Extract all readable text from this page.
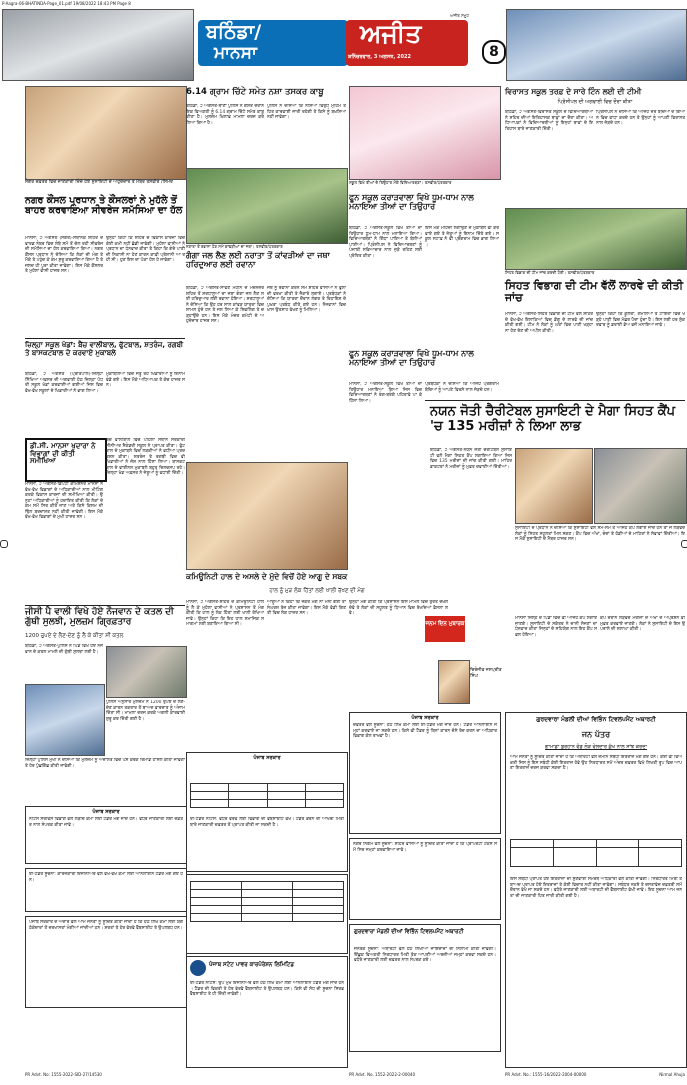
P-Aagra-06-BHATINDA-Page_01.pdf 19/08/2022 18:43 PM Page 8
ਬਠਿੰਡਾ/
ਮਾਨਸਾ
ਅਜੀਤ
ਸ਼ਨਿੱਚਰਵਾਰ, 3 ਅਗਸਤ, 2022
ਅਜੀਤ ਸਮੂਹ
8
ਸੰਗਰ ਦਫ਼ਤਰ ਵਿਚ ਜਾਣਕਾਰੀ ਦਿੰਦੇ ਹੋਏ ਸੁਸਾਇਟੀ ਦੇ ਅਹੁਦੇਦਾਰ ਤੇ ਮੈਂਬਰ ਤਸਵੀਰ /ਸਿਮਰ
ਨਗਰ ਕੌਂਸਲ ਪ੍ਰਧਾਨ ਤੇ ਕੌਂਸਲਰਾਂ ਨੇ ਮੁਹੱਲੇ ਤੋਂ ਬਾਹਰ ਕਰਵਾਇਆ ਸੀਵਰੇਜ ਸਮੱਸਿਆ ਦਾ ਹੱਲ
ਮਾਨਸਾ, ੨ ਅਗਸਤ (ਸੰਗਰ)-ਸਥਾਨਕ ਸ਼ਹਿਰ ਦੇ ਵਾਰਡ ਨੰਬਰ ਵਿਚ ਲੰਬੇ ਸਮੇਂ ਤੋਂ ਚੱਲ ਰਹੀ ਸੀਵਰੇਜ ਦੀ ਸਮੱਸਿਆ ਦਾ ਹੱਲ ਕਰਵਾਇਆ ਗਿਆ। ਨਗਰ ਕੌਂਸਲ ਪ੍ਰਧਾਨ ਨੇ ਦੱਸਿਆ ਕਿ ਲੋਕਾਂ ਦੀ ਮੰਗ ਤੇ ਮੌਕੇ ਤੇ ਪਹੁੰਚ ਕੇ ਕੰਮ ਸ਼ੁਰੂ ਕਰਵਾਇਆ ਗਿਆ ਹੈ ਤੇ ਜਲਦ ਹੀ ਪੂਰਾ ਕੀਤਾ ਜਾਵੇਗਾ। ਇਸ ਮੌਕੇ ਕੌਂਸਲਰ ਤੇ ਮੁਹੱਲਾ ਵਾਸੀ ਹਾਜ਼ਰ ਸਨ।
ਉਨ੍ਹਾਂ ਕਿਹਾ ਕਿ ਸ਼ਹਿਰ ਦੇ ਵਿਕਾਸ ਕਾਰਜਾਂ ਵਿਚ ਕੋਈ ਕਮੀ ਨਹੀਂ ਛੱਡੀ ਜਾਵੇਗੀ। ਮੁਹੱਲਾ ਵਾਸੀਆਂ ਨੇ ਪ੍ਰਧਾਨ ਦਾ ਧੰਨਵਾਦ ਕੀਤਾ ਤੇ ਕਿਹਾ ਕਿ ਗੰਦੇ ਪਾਣੀ ਦੀ ਨਿਕਾਸੀ ਨਾ ਹੋਣ ਕਾਰਨ ਕਾਫ਼ੀ ਪ੍ਰੇਸ਼ਾਨੀ ਆ ਰਹੀ ਸੀ। ਹੁਣ ਇਸ ਦਾ ਪੱਕਾ ਹੱਲ ਹੋ ਜਾਵੇਗਾ।
ਜ਼ਿਲ੍ਹਾ ਸਕੂਲ ਖੇਡਾਂ: ਬੈਂਚ ਵਾਲੀਬਾਲ, ਫੁੱਟਬਾਲ, ਸ਼ਤਰੰਜ, ਰਗਬੀ ਤੇ ਬਾਸਕਟਬਾਲ ਦੇ ਕਰਵਾਏ ਮੁਕਾਬਲੇ
ਬਠਿੰਡਾ, ੨ ਅਗਸਤ (ਪ੍ਰੀਤਪਾਲ)-ਜ਼ਿਲ੍ਹਾ ਸਿੱਖਿਆ ਅਫ਼ਸਰ ਦੀ ਅਗਵਾਈ ਹੇਠ ਜ਼ਿਲ੍ਹਾ ਪੱਧਰੀ ਸਕੂਲ ਖੇਡਾਂ ਕਰਵਾਈਆਂ ਗਈਆਂ ਜਿਸ ਵਿਚ ਵੱਖ-ਵੱਖ ਸਕੂਲਾਂ ਦੇ ਖਿਡਾਰੀਆਂ ਨੇ ਭਾਗ ਲਿਆ।
ਮੁਕਾਬਲਿਆਂ ਵਿਚ ਜੇਤੂ ਰਹੇ ਖਿਡਾਰੀਆਂ ਨੂੰ ਇਨਾਮ ਵੰਡੇ ਗਏ। ਇਸ ਮੌਕੇ ਅਧਿਆਪਕ ਤੇ ਕੋਚ ਹਾਜ਼ਰ ਸਨ।
ਡੀ.ਸੀ. ਮਾਨਸਾ ਖੁਦਾਰਾ ਨੇ ਵਿਭਾਗਾਂ ਦੀ ਕੀਤੀ ਸਮੀਖਿਆ
ਮਾਨਸਾ, ੨ ਅਗਸਤ-ਡਿਪਟੀ ਕਮਿਸ਼ਨਰ ਮਾਨਸਾ ਨੇ ਵੱਖ-ਵੱਖ ਵਿਭਾਗਾਂ ਦੇ ਅਧਿਕਾਰੀਆਂ ਨਾਲ ਮੀਟਿੰਗ ਕਰਕੇ ਵਿਕਾਸ ਕਾਰਜਾਂ ਦੀ ਸਮੀਖਿਆ ਕੀਤੀ। ਉਨ੍ਹਾਂ ਅਧਿਕਾਰੀਆਂ ਨੂੰ ਹਦਾਇਤ ਕੀਤੀ ਕਿ ਲੋਕਾਂ ਦੇ ਕੰਮ ਸਮੇਂ ਸਿਰ ਕੀਤੇ ਜਾਣ ਅਤੇ ਕਿਸੇ ਕਿਸਮ ਦੀ ਢਿੱਲ ਬਰਦਾਸ਼ਤ ਨਹੀਂ ਕੀਤੀ ਜਾਵੇਗੀ। ਇਸ ਮੌਕੇ ਵੱਖ-ਵੱਖ ਵਿਭਾਗਾਂ ਦੇ ਮੁਖੀ ਹਾਜ਼ਰ ਸਨ।
ਬੈਂਚ ਵਾਲੀਬਾਲ ਵਿਚ ਪਹਿਲਾ ਸਥਾਨ ਸਰਕਾਰੀ ਸੀਨੀਅਰ ਸੈਕੰਡਰੀ ਸਕੂਲ ਨੇ ਪ੍ਰਾਪਤ ਕੀਤਾ। ਫੁੱਟਬਾਲ ਦੇ ਮੁਕਾਬਲੇ ਵਿਚ ਲੜਕੀਆਂ ਨੇ ਵਧੀਆ ਪ੍ਰਦਰਸ਼ਨ ਕੀਤਾ। ਸ਼ਤਰੰਜ ਤੇ ਰਗਬੀ ਵਿਚ ਵੀ ਖਿਡਾਰੀਆਂ ਨੇ ਜੋਸ਼ ਨਾਲ ਹਿੱਸਾ ਲਿਆ। ਬਾਸਕਟਬਾਲ ਦੇ ਫਾਈਨਲ ਮੁਕਾਬਲੇ ਬਹੁਤ ਦਿਲਚਸਪ ਰਹੇ। ਜ਼ਿਲ੍ਹਾ ਖੇਡ ਅਫ਼ਸਰ ਨੇ ਜੇਤੂਆਂ ਨੂੰ ਵਧਾਈ ਦਿੱਤੀ।
ਜੀਸੀ ਪੈ ਵਾਲੀ ਵਿਖੇ ਹੋਏ ਨੌਜਵਾਨ ਦੇ ਕਤਲ ਦੀ ਗੁੱਥੀ ਸੁਲਝੀ, ਮੁਲਜ਼ਮ ਗ੍ਰਿਫ਼ਤਾਰ
1200 ਰੁਪਏ ਦੇ ਲੈਣ-ਦੇਣ ਨੂੰ ਲੈ ਕੇ ਕੀਤਾ ਸੀ ਕਤਲ
ਬਠਿੰਡਾ, ੨ ਅਗਸਤ-ਪੁਲਿਸ ਨੇ ਪਿੰਡ ਵਿਖੇ ਹੋਏ ਨੌਜਵਾਨ ਦੇ ਕਤਲ ਮਾਮਲੇ ਦੀ ਗੁੱਥੀ ਸੁਲਝਾ ਲਈ ਹੈ।
ਪੁਲਿਸ ਅਨੁਸਾਰ ਮੁਲਜ਼ਮ ਨੇ 1200 ਰੁਪਏ ਦੇ ਲੈਣ-ਦੇਣ ਕਾਰਨ ਤਕਰਾਰ ਤੋਂ ਬਾਅਦ ਵਾਰਦਾਤ ਨੂੰ ਅੰਜਾਮ ਦਿੱਤਾ ਸੀ। ਮਾਮਲਾ ਦਰਜ ਕਰਕੇ ਅਗਲੀ ਕਾਰਵਾਈ ਸ਼ੁਰੂ ਕਰ ਦਿੱਤੀ ਗਈ ਹੈ।
ਜ਼ਿਲ੍ਹਾ ਪੁਲਿਸ ਮੁਖੀ ਨੇ ਦੱਸਿਆ ਕਿ ਮੁਲਜ਼ਮ ਨੂੰ ਅਦਾਲਤ ਵਿਚ ਪੇਸ਼ ਕਰਕੇ ਰਿਮਾਂਡ ਹਾਸਲ ਕੀਤਾ ਜਾਵੇਗਾ ਤੇ ਹੋਰ ਪੁੱਛਗਿੱਛ ਕੀਤੀ ਜਾਵੇਗੀ।
ਪੰਜਾਬ ਸਰਕਾਰ
ਨੋਟਿਸ ਸਰਵਿਸ ਵਿਭਾਗ ਵਲੋਂ ਲੋੜੀਂਦੇ ਕੰਮਾਂ ਲਈ ਟੈਂਡਰ ਮੰਗੇ ਜਾਂਦੇ ਹਨ। ਵਧੇਰੇ ਜਾਣਕਾਰੀ ਲਈ ਦਫ਼ਤਰ ਨਾਲ ਸੰਪਰਕ ਕੀਤਾ ਜਾਵੇ।
ਈ-ਟੈਂਡਰ ਸੂਚਨਾ: ਕਾਰਜਕਾਰੀ ਇੰਜੀਨੀਅਰ ਵਲੋਂ ਵੱਖ-ਵੱਖ ਕੰਮਾਂ ਲਈ ਆਨਲਾਈਨ ਟੈਂਡਰ ਮੰਗੇ ਗਏ ਹਨ।
ਪੰਜਾਬ ਸਰਕਾਰ ਦੇ ਅਦਾਰੇ ਵਲੋਂ ਆਮ ਜਨਤਾ ਨੂੰ ਸੂਚਿਤ ਕੀਤਾ ਜਾਂਦਾ ਹੈ ਕਿ ਹੇਠ ਲਿਖੇ ਕੰਮਾਂ ਲਈ ਯੋਗ ਠੇਕੇਦਾਰਾਂ ਤੋਂ ਦਰਖਾਸਤਾਂ ਮੰਗੀਆਂ ਜਾਂਦੀਆਂ ਹਨ। ਸ਼ਰਤਾਂ ਤੇ ਹੋਰ ਵੇਰਵੇ ਵੈੱਬਸਾਈਟ ਤੇ ਉਪਲਬਧ ਹਨ।
PR Advt. No: 1555-2022-SID-27/14530
6.14 ਗ੍ਰਾਮ ਚਿੱਟੇ ਸਮੇਤ ਨਸ਼ਾ ਤਸਕਰ ਕਾਬੂ
ਬਠਿੰਡਾ, ੨ ਅਗਸਤ-ਥਾਣਾ ਪੁਲਿਸ ਨੇ ਗਸ਼ਤ ਦੌਰਾਨ ਇਕ ਵਿਅਕਤੀ ਨੂੰ 6.14 ਗ੍ਰਾਮ ਚਿੱਟੇ ਸਮੇਤ ਕਾਬੂ ਕੀਤਾ ਹੈ। ਮੁਲਜ਼ਮ ਖ਼ਿਲਾਫ਼ ਮਾਮਲਾ ਦਰਜ ਕਰ ਲਿਆ ਗਿਆ ਹੈ।
ਪੁਲਿਸ ਨੇ ਦੱਸਿਆ ਕਿ ਨਸ਼ਿਆਂ ਵਿਰੁੱਧ ਮੁਹਿੰਮ ਤਹਿਤ ਕਾਰਵਾਈ ਜਾਰੀ ਰਹੇਗੀ ਤੇ ਕਿਸੇ ਨੂੰ ਬਖ਼ਸ਼ਿਆ ਨਹੀਂ ਜਾਵੇਗਾ।
ਨਰਾਤਾ ਤੋਂ ਰਵਾਨਾ ਹੋਣ ਸਮੇਂ ਕਾਂਵੜੀਆਂ ਦਾ ਜਥਾ। ਤਸਵੀਰ/ਪੱਤਰਕਾਰ
ਗੰਗਾ ਜਲ ਲੈਣ ਲਈ ਨਰਾਤਾ ਤੋਂ ਕਾਂਵੜੀਆਂ ਦਾ ਜਥਾ ਹਰਿਦੁਆਰ ਲਈ ਰਵਾਨਾ
ਬਠਿੰਡਾ, ੨ ਅਗਸਤ-ਸਾਵਣ ਮਹੀਨੇ ਦੇ ਮੱਦੇਨਜ਼ਰ ਸ਼ਹਿਰ ਤੋਂ ਸ਼ਰਧਾਲੂਆਂ ਦਾ ਜਥਾ ਗੰਗਾ ਜਲ ਲੈਣ ਲਈ ਹਰਿਦੁਆਰ ਲਈ ਰਵਾਨਾ ਹੋਇਆ। ਸ਼ਰਧਾਲੂਆਂ ਨੇ ਦੱਸਿਆ ਕਿ ਉਹ ਹਰ ਸਾਲ ਕਾਂਵੜ ਯਾਤਰਾ ਵਿਚ ਸ਼ਾਮਲ ਹੁੰਦੇ ਹਨ ਤੇ ਜਲ ਲਿਆ ਕੇ ਸ਼ਿਵਲਿੰਗ ਤੇ ਚੜ੍ਹਾਉਂਦੇ ਹਨ। ਇਸ ਮੌਕੇ ਮੰਦਰ ਕਮੇਟੀ ਦੇ ਅਹੁਦੇਦਾਰ ਹਾਜ਼ਰ ਸਨ।
ਜਥੇ ਨੂੰ ਰਵਾਨਾ ਕਰਨ ਸਮੇਂ ਸ਼ਹਿਰ ਵਾਸੀਆਂ ਨੇ ਫੁੱਲਾਂ ਦੀ ਵਰਖਾ ਕੀਤੀ ਤੇ ਜੈਕਾਰੇ ਲਗਾਏ। ਪ੍ਰਬੰਧਕਾਂ ਨੇ ਦੱਸਿਆ ਕਿ ਯਾਤਰਾ ਦੌਰਾਨ ਲੰਗਰ ਤੇ ਰਿਹਾਇਸ਼ ਦੇ ਪੁਖ਼ਤਾ ਪ੍ਰਬੰਧ ਕੀਤੇ ਗਏ ਹਨ। ਨੌਜਵਾਨਾਂ ਵਿਚ ਖ਼ਾਸ ਉਤਸ਼ਾਹ ਵੇਖਣ ਨੂੰ ਮਿਲਿਆ।
ਕਮਿਊਨਿਟੀ ਹਾਲ ਦੇ ਅਸਲੇ ਦੇ ਮੁੱਦੇ ਵਿਚੋਂ ਹੋਏ ਆਗੂ ਦੇ ਸਬਕ
ਹਾਲ ਨੂੰ ਮੁੜ ਲੋਕ ਹਿੱਤਾਂ ਲਈ ਖਾਲੀ ਰੱਖਣ ਦੀ ਮੰਗ
ਮਾਨਸਾ, ੨ ਅਗਸਤ-ਸ਼ਹਿਰ ਦੇ ਕਮਿਊਨਿਟੀ ਹਾਲ ਨੂੰ ਲੈ ਕੇ ਮੁਹੱਲਾ ਵਾਸੀਆਂ ਨੇ ਪ੍ਰਸ਼ਾਸਨ ਤੋਂ ਮੰਗ ਕੀਤੀ ਕਿ ਹਾਲ ਨੂੰ ਲੋਕ ਹਿੱਤਾਂ ਲਈ ਖਾਲੀ ਰੱਖਿਆ ਜਾਵੇ। ਉਨ੍ਹਾਂ ਕਿਹਾ ਕਿ ਇਹ ਹਾਲ ਸਮਾਜਿਕ ਸਮਾਗਮਾਂ ਲਈ ਬਣਾਇਆ ਗਿਆ ਸੀ।
ਆਗੂਆਂ ਨੇ ਕਿਹਾ ਕਿ ਜੇਕਰ ਮੰਗ ਨਾ ਮੰਨੀ ਗਈ ਤਾਂ ਸੰਘਰਸ਼ ਤੇਜ਼ ਕੀਤਾ ਜਾਵੇਗਾ। ਇਸ ਮੌਕੇ ਵੱਡੀ ਗਿਣਤੀ ਵਿਚ ਲੋਕ ਹਾਜ਼ਰ ਸਨ।
ਉਨ੍ਹਾਂ ਮੰਗ ਕੀਤੀ ਕਿ ਪ੍ਰਸ਼ਾਸਨ ਇਸ ਮਾਮਲੇ ਵਿਚ ਤੁਰੰਤ ਦਖ਼ਲ ਦੇਵੇ ਤੇ ਲੋਕਾਂ ਦੀ ਸਹੂਲਤ ਨੂੰ ਧਿਆਨ ਵਿਚ ਰੱਖਦਿਆਂ ਫ਼ੈਸਲਾ ਲਵੇ।
ਪੰਜਾਬ ਸਰਕਾਰ

ਈ-ਟੈਂਡਰ ਨੋਟਿਸ: ਵਧੇਰੇ ਵੇਰਵੇ ਲਈ ਵਿਭਾਗ ਦੀ ਵੈੱਬਸਾਈਟ ਵੇਖੋ। ਟੈਂਡਰ ਭਰਨ ਦੀ ਆਖਰੀ ਮਿਤੀ ਬਾਰੇ ਜਾਣਕਾਰੀ ਦਫ਼ਤਰ ਤੋਂ ਪ੍ਰਾਪਤ ਕੀਤੀ ਜਾ ਸਕਦੀ ਹੈ।

ਪੰਜਾਬ ਸਟੇਟ ਪਾਵਰ ਕਾਰਪੋਰੇਸ਼ਨ ਲਿਮਿਟਿਡ
ਈ-ਟੈਂਡਰ ਨੋਟਿਸ: ਉਪ ਮੁੱਖ ਇੰਜੀਨੀਅਰ ਵਲੋਂ ਹੇਠ ਲਿਖੇ ਕੰਮਾਂ ਲਈ ਆਨਲਾਈਨ ਟੈਂਡਰ ਮੰਗੇ ਜਾਂਦੇ ਹਨ। ਟੈਂਡਰ ਦੀ ਵਿਕਰੀ ਤੇ ਹੋਰ ਵੇਰਵੇ ਵੈੱਬਸਾਈਟ ਤੇ ਉਪਲਬਧ ਹਨ। ਕਿਸੇ ਵੀ ਸੋਧ ਦੀ ਸੂਚਨਾ ਸਿਰਫ਼ ਵੈੱਬਸਾਈਟ ਤੇ ਹੀ ਦਿੱਤੀ ਜਾਵੇਗੀ।
ਸਕੂਲ ਵਿਖੇ ਤੀਆਂ ਦੇ ਤਿਉਹਾਰ ਮੌਕੇ ਵਿਦਿਆਰਥਣਾਂ। ਤਸਵੀਰ/ਪੱਤਰਕਾਰ
ਫੂਨ ਸਕੂਲ ਕਰਾੜਵਾਲਾ ਵਿਖੇ ਧੂਮ-ਧਾਮ ਨਾਲ ਮਨਾਇਆ ਤੀਆਂ ਦਾ ਤਿਉਹਾਰ
ਬਠਿੰਡਾ, ੨ ਅਗਸਤ-ਸਕੂਲ ਵਿਖੇ ਤੀਆਂ ਦਾ ਤਿਉਹਾਰ ਧੂਮ-ਧਾਮ ਨਾਲ ਮਨਾਇਆ ਗਿਆ। ਵਿਦਿਆਰਥਣਾਂ ਨੇ ਗਿੱਧਾ ਪਾਇਆ ਤੇ ਬੋਲੀਆਂ ਪਾਈਆਂ। ਪ੍ਰਿੰਸੀਪਲ ਨੇ ਵਿਦਿਆਰਥਣਾਂ ਨੂੰ ਪੰਜਾਬੀ ਸਭਿਆਚਾਰ ਨਾਲ ਜੁੜੇ ਰਹਿਣ ਲਈ ਪ੍ਰੇਰਿਤ ਕੀਤਾ।
ਇਸ ਮੌਕੇ ਮਹਿੰਦੀ ਲਗਾਉਣ ਦੇ ਮੁਕਾਬਲੇ ਵੀ ਕਰਵਾਏ ਗਏ ਤੇ ਜੇਤੂਆਂ ਨੂੰ ਇਨਾਮ ਦਿੱਤੇ ਗਏ। ਸਕੂਲ ਸਟਾਫ਼ ਨੇ ਵੀ ਪ੍ਰੋਗਰਾਮ ਵਿਚ ਭਾਗ ਲਿਆ।
ਫੂਨ ਸਕੂਲ ਕਰਾੜਵਾਲਾ ਵਿਖੇ ਧੂਮ-ਧਾਮ ਨਾਲ ਮਨਾਇਆ ਤੀਆਂ ਦਾ ਤਿਉਹਾਰ
ਮਾਨਸਾ, ੨ ਅਗਸਤ-ਸਕੂਲ ਵਿਖੇ ਤੀਆਂ ਦਾ ਤਿਉਹਾਰ ਮਨਾਇਆ ਗਿਆ ਜਿਸ ਵਿਚ ਵਿਦਿਆਰਥਣਾਂ ਨੇ ਰੰਗ-ਬਰੰਗੇ ਪਹਿਰਾਵੇ ਪਾ ਕੇ ਹਿੱਸਾ ਲਿਆ।
ਪ੍ਰਬੰਧਕਾਂ ਨੇ ਦੱਸਿਆ ਕਿ ਅਜਿਹੇ ਪ੍ਰੋਗਰਾਮ ਬੱਚਿਆਂ ਨੂੰ ਆਪਣੇ ਵਿਰਸੇ ਨਾਲ ਜੋੜਦੇ ਹਨ।
ਵਿਰਾਸਤ ਸਕੂਲ ਤਰਫ਼ ਦੇ ਸਾਰੇ ਟਿੰਨ ਲਈ ਦੀ ਟੀਮੀ
ਪ੍ਰਿੰਸੀਪਲ ਦੀ ਅਗਵਾਈ ਵਿਚ ਦੌਰਾ ਕੀਤਾ
ਬਠਿੰਡਾ, ੨ ਅਗਸਤ-ਵਿਰਾਸਤ ਸਕੂਲ ਦੇ ਵਿਦਿਆਰਥੀਆਂ ਨੇ ਸ਼ਹਿਰ ਦੀਆਂ ਇਤਿਹਾਸਕ ਥਾਵਾਂ ਦਾ ਦੌਰਾ ਕੀਤਾ। ਅਧਿਆਪਕਾਂ ਨੇ ਵਿਦਿਆਰਥੀਆਂ ਨੂੰ ਇਨ੍ਹਾਂ ਥਾਵਾਂ ਦੇ ਇਤਿਹਾਸ ਬਾਰੇ ਜਾਣਕਾਰੀ ਦਿੱਤੀ।
ਪ੍ਰਿੰਸੀਪਲ ਨੇ ਦੱਸਿਆ ਕਿ ਅਜਿਹੇ ਦੌਰੇ ਬੱਚਿਆਂ ਦੇ ਗਿਆਨ ਵਿਚ ਵਾਧਾ ਕਰਦੇ ਹਨ ਤੇ ਉਨ੍ਹਾਂ ਨੂੰ ਆਪਣੀ ਵਿਰਾਸਤ ਨਾਲ ਜੋੜਦੇ ਹਨ।
ਸਿਹਤ ਵਿਭਾਗ ਦੀ ਟੀਮ ਜਾਂਚ ਕਰਦੀ ਹੋਈ। ਤਸਵੀਰ/ਪੱਤਰਕਾਰ
ਸਿਹਤ ਵਿਭਾਗ ਦੀ ਟੀਮ ਵੱਲੋਂ ਲਾਰਵੇ ਦੀ ਕੀਤੀ ਜਾਂਚ
ਮਾਨਸਾ, ੨ ਅਗਸਤ-ਸਿਹਤ ਵਿਭਾਗ ਦੀ ਟੀਮ ਵਲੋਂ ਸ਼ਹਿਰ ਦੇ ਵੱਖ-ਵੱਖ ਇਲਾਕਿਆਂ ਵਿਚ ਡੇਂਗੂ ਦੇ ਲਾਰਵੇ ਦੀ ਜਾਂਚ ਕੀਤੀ ਗਈ। ਟੀਮ ਨੇ ਲੋਕਾਂ ਨੂੰ ਘਰਾਂ ਵਿਚ ਪਾਣੀ ਖੜ੍ਹਾ ਨਾ ਹੋਣ ਦੇਣ ਦੀ ਅਪੀਲ ਕੀਤੀ।
ਉਨ੍ਹਾਂ ਕਿਹਾ ਕਿ ਕੂਲਰਾਂ, ਗਮਲਿਆਂ ਤੇ ਟਾਇਰਾਂ ਵਿਚ ਖੜ੍ਹੇ ਪਾਣੀ ਵਿਚ ਮੱਛਰ ਪੈਦਾ ਹੁੰਦਾ ਹੈ। ਇਸ ਲਈ ਹਰ ਸ਼ੁੱਕਰਵਾਰ ਨੂੰ ਡਰਾਈ ਡੇਅ ਵਜੋਂ ਮਨਾਇਆ ਜਾਵੇ।
ਨਯਨ ਜੋਤੀ ਚੈਰੀਟੇਬਲ ਸੁਸਾਇਟੀ ਦੇ ਮੈਗਾ ਸਿਹਤ ਕੈਂਪ 'ਚ 135 ਮਰੀਜ਼ਾਂ ਨੇ ਲਿਆ ਲਾਭ
ਬਠਿੰਡਾ, ੨ ਅਗਸਤ-ਨਯਨ ਜੋਤੀ ਚੈਰੀਟੇਬਲ ਸੁਸਾਇਟੀ ਵਲੋਂ ਮੈਗਾ ਸਿਹਤ ਕੈਂਪ ਲਗਾਇਆ ਗਿਆ ਜਿਸ ਵਿਚ 135 ਮਰੀਜ਼ਾਂ ਦੀ ਜਾਂਚ ਕੀਤੀ ਗਈ। ਮਾਹਿਰ ਡਾਕਟਰਾਂ ਨੇ ਮਰੀਜ਼ਾਂ ਨੂੰ ਮੁਫ਼ਤ ਦਵਾਈਆਂ ਦਿੱਤੀਆਂ।
ਸੁਸਾਇਟੀ ਦੇ ਪ੍ਰਧਾਨ ਨੇ ਦੱਸਿਆ ਕਿ ਸੁਸਾਇਟੀ ਵਲੋਂ ਸਮੇਂ-ਸਮੇਂ ਤੇ ਅਜਿਹੇ ਕੈਂਪ ਲਗਾਏ ਜਾਂਦੇ ਹਨ ਤਾਂ ਜੋ ਲੋੜਵੰਦ ਲੋਕਾਂ ਨੂੰ ਸਿਹਤ ਸਹੂਲਤਾਂ ਮਿਲ ਸਕਣ। ਕੈਂਪ ਵਿਚ ਅੱਖਾਂ, ਦੰਦਾਂ ਤੇ ਹੱਡੀਆਂ ਦੇ ਮਾਹਿਰਾਂ ਨੇ ਸੇਵਾਵਾਂ ਦਿੱਤੀਆਂ। ਇਸ ਮੌਕੇ ਸੁਸਾਇਟੀ ਦੇ ਮੈਂਬਰ ਹਾਜ਼ਰ ਸਨ।
ਜਨਮ ਦਿਨ ਮੁਬਾਰਕ
ਚਿਰੰਜੀਵ ਜਸਪ੍ਰੀਤ ਸਿੰਘ
ਮਾਨਸਾ ਜ਼ਿਲ੍ਹੇ ਦੇ ਪਿੰਡਾਂ ਵਿਚ ਵੀ ਅਜਿਹੇ ਕੈਂਪ ਲਗਾਏ ਜਾਣਗੇ। ਸੁਸਾਇਟੀ ਦੇ ਸਕੱਤਰ ਨੇ ਦਾਨੀ ਸੱਜਣਾਂ ਦਾ ਧੰਨਵਾਦ ਕੀਤਾ ਜਿਨ੍ਹਾਂ ਦੇ ਸਹਿਯੋਗ ਨਾਲ ਇਹ ਕੈਂਪ ਸਫ਼ਲ ਹੋਇਆ।
ਕੈਂਪ ਦੌਰਾਨ ਲੋੜਵੰਦ ਮਰੀਜ਼ਾਂ ਦੇ ਅੱਖਾਂ ਦੇ ਅਪ੍ਰੇਸ਼ਨ ਵੀ ਮੁਫ਼ਤ ਕਰਵਾਏ ਜਾਣਗੇ। ਲੋਕਾਂ ਨੇ ਸੁਸਾਇਟੀ ਦੇ ਇਸ ਉਪਰਾਲੇ ਦੀ ਸ਼ਲਾਘਾ ਕੀਤੀ।
ਪੰਜਾਬ ਸਰਕਾਰ
ਦਫ਼ਤਰ ਵਲੋਂ ਸੂਚਨਾ: ਹੇਠ ਲਿਖੇ ਕੰਮਾਂ ਲਈ ਈ-ਟੈਂਡਰ ਮੰਗੇ ਜਾਂਦੇ ਹਨ। ਟੈਂਡਰ ਆਨਲਾਈਨ ਜਮ੍ਹਾਂ ਕਰਵਾਏ ਜਾ ਸਕਦੇ ਹਨ। ਕਿਸੇ ਵੀ ਟੈਂਡਰ ਨੂੰ ਬਿਨਾਂ ਕਾਰਨ ਦੱਸੇ ਰੱਦ ਕਰਨ ਦਾ ਅਧਿਕਾਰ ਵਿਭਾਗ ਕੋਲ ਰਾਖਵਾਂ ਹੈ।
ਨਗਰ ਨਿਗਮ ਵਲੋਂ ਸੂਚਨਾ: ਸ਼ਹਿਰ ਵਾਸੀਆਂ ਨੂੰ ਸੂਚਿਤ ਕੀਤਾ ਜਾਂਦਾ ਹੈ ਕਿ ਪ੍ਰਾਪਰਟੀ ਟੈਕਸ ਸਮੇਂ ਸਿਰ ਜਮ੍ਹਾਂ ਕਰਵਾਇਆ ਜਾਵੇ।
ਗੁਰਦਵਾਰਾ ਮੰਡਲੀ ਦੀਆਂ ਵਿਭਿੰਨ ਟਿਵਲਪਮੈਂਟ ਅਥਾਰਟੀ
ਜਨਤਕ ਸੂਚਨਾ: ਅਥਾਰਟੀ ਵਲੋਂ ਹੇਠ ਲਿਖੀਆਂ ਜਾਇਦਾਦਾਂ ਦੀ ਨਿਲਾਮੀ ਕੀਤੀ ਜਾਵੇਗੀ। ਇੱਛੁਕ ਵਿਅਕਤੀ ਨਿਰਧਾਰਤ ਮਿਤੀ ਤੱਕ ਆਪਣੀਆਂ ਅਰਜ਼ੀਆਂ ਜਮ੍ਹਾਂ ਕਰਵਾ ਸਕਦੇ ਹਨ। ਵਧੇਰੇ ਜਾਣਕਾਰੀ ਲਈ ਦਫ਼ਤਰ ਨਾਲ ਸੰਪਰਕ ਕਰੋ।
PR Advt. No. 1552-2022-2-00040
ਗੁਰਦਵਾਰਾ ਮੰਡਲੀ ਦੀਆਂ ਵਿਭਿੰਨ ਟਿਵਲਪਮੈਂਟ ਅਥਾਰਟੀ
ਜਨ ਪੱਤਰ
ਗਾਮਾਡਾ ਬੁਰਹਾਨ ਵੰਡ ਲੋੜ ਵੇਲਦਾਰ ਕੁੱਖ ਨਾਲ ਸਾਂਝ ਕਰਦਾ
ਆਮ ਜਨਤਾ ਨੂੰ ਸੂਚਿਤ ਕੀਤਾ ਜਾਂਦਾ ਹੈ ਕਿ ਅਥਾਰਟੀ ਵਲੋਂ ਜ਼ਮੀਨ ਸਬੰਧੀ ਇਤਰਾਜ਼ ਮੰਗੇ ਗਏ ਹਨ। ਕੋਈ ਵੀ ਵਿਅਕਤੀ ਜਿਸ ਨੂੰ ਇਸ ਸਬੰਧੀ ਕੋਈ ਇਤਰਾਜ਼ ਹੋਵੇ ਉਹ ਨਿਰਧਾਰਤ ਸਮੇਂ ਅੰਦਰ ਦਫ਼ਤਰ ਵਿਖੇ ਲਿਖਤੀ ਰੂਪ ਵਿਚ ਆਪਣਾ ਇਤਰਾਜ਼ ਦਰਜ ਕਰਵਾ ਸਕਦਾ ਹੈ।

ਇਸ ਸਬੰਧੀ ਪ੍ਰਾਪਤ ਹੋਏ ਇਤਰਾਜ਼ਾਂ ਦੀ ਸੁਣਵਾਈ ਸਮਰੱਥ ਅਧਿਕਾਰੀ ਵਲੋਂ ਕੀਤੀ ਜਾਵੇਗੀ। ਨਿਰਧਾਰਤ ਮਿਤੀ ਤੋਂ ਬਾਅਦ ਪ੍ਰਾਪਤ ਹੋਏ ਇਤਰਾਜ਼ਾਂ ਤੇ ਕੋਈ ਵਿਚਾਰ ਨਹੀਂ ਕੀਤਾ ਜਾਵੇਗਾ। ਸਬੰਧਤ ਨਕਸ਼ੇ ਤੇ ਦਸਤਾਵੇਜ਼ ਦਫ਼ਤਰੀ ਸਮੇਂ ਦੌਰਾਨ ਵੇਖੇ ਜਾ ਸਕਦੇ ਹਨ। ਵਧੇਰੇ ਜਾਣਕਾਰੀ ਲਈ ਅਥਾਰਟੀ ਦੀ ਵੈੱਬਸਾਈਟ ਵੇਖੀ ਜਾਵੇ। ਇਹ ਸੂਚਨਾ ਆਮ ਜਨਤਾ ਦੀ ਜਾਣਕਾਰੀ ਹਿਤ ਜਾਰੀ ਕੀਤੀ ਗਈ ਹੈ।
PR Advt. No.: 1555-16/2022-2004-00000	Nirmal Ahuja
